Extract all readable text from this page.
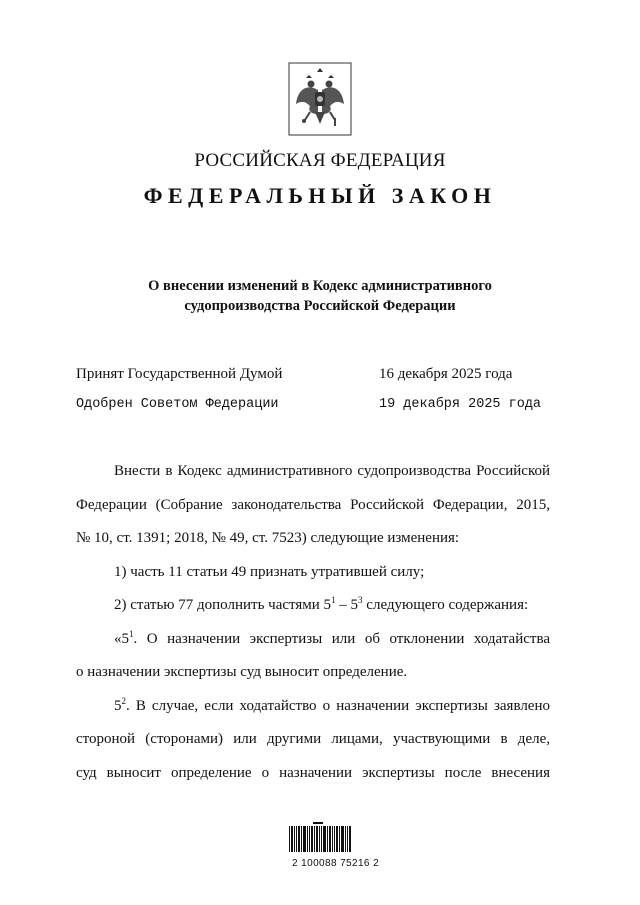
РОССИЙСКАЯ ФЕДЕРАЦИЯ
ФЕДЕРАЛЬНЫЙ ЗАКОН
О внесении изменений в Кодекс административного
судопроизводства Российской Федерации
Принят Государственной Думой	16 декабря 2025 года
Одобрен Советом Федерации	19 декабря 2025 года

Внести в Кодекс административного судопроизводства Российской

Федерации (Собрание законодательства Российской Федерации, 2015,

№ 10, ст. 1391; 2018, № 49, ст. 7523) следующие изменения:

1) часть 11 статьи 49 признать утратившей силу;

2) статью 77 дополнить частями $5^1 - 5^3$ следующего содержания:

«$5^1$. О назначении экспертизы или об отклонении ходатайства

о назначении экспертизы суд выносит определение.

$5^2$. В случае, если ходатайство о назначении экспертизы заявлено

стороной (сторонами) или другими лицами, участвующими в деле,

суд выносит определение о назначении экспертизы после внесения

2 100088 75216 2
